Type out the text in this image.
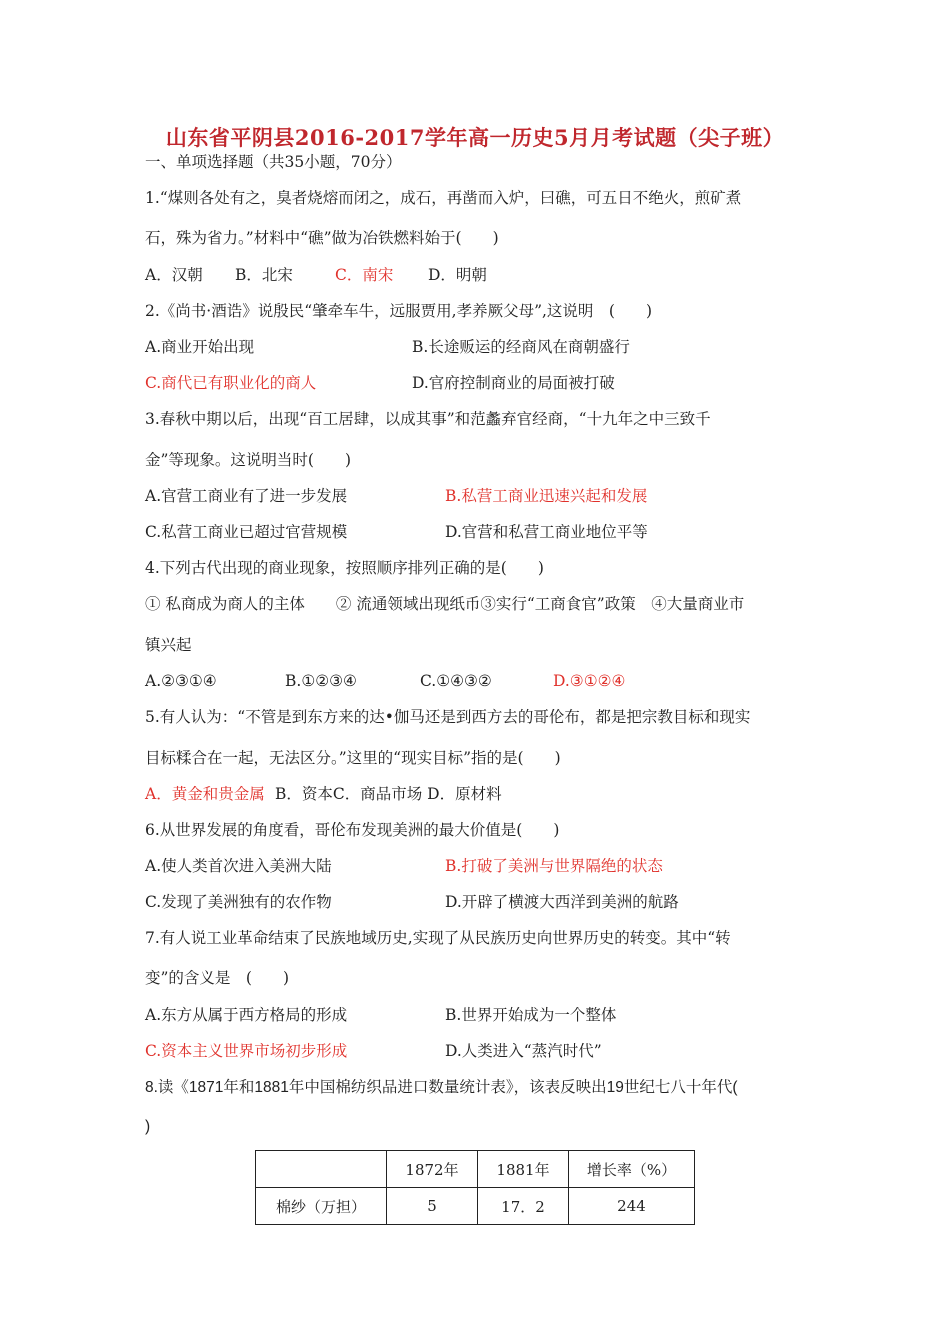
山东省平阴县2016-2017学年高一历史5月月考试题（尖子班）
一、单项选择题（共35小题，70分）
1.“煤则各处有之，臭者烧熔而闭之，成石，再凿而入炉，曰礁，可五日不绝火，煎矿煮
石，殊为省力。”材料中“礁”做为冶铁燃料始于(　　)
A．汉朝 B．北宋	C．南宋 D．明朝
2.《尚书·酒诰》说殷民“肇牵车牛，远服贾用,孝养厥父母”,这说明　(　　)
A.商业开始出现	B.长途贩运的经商风在商朝盛行
C.商代已有职业化的商人	D.官府控制商业的局面被打破
3.春秋中期以后，出现“百工居肆，以成其事”和范蠡弃官经商，“十九年之中三致千
金”等现象。这说明当时(　　)
A.官营工商业有了进一步发展	B.私营工商业迅速兴起和发展
C.私营工商业已超过官营规模	D.官营和私营工商业地位平等
4.下列古代出现的商业现象，按照顺序排列正确的是(　　)
① 私商成为商人的主体　　② 流通领域出现纸币③实行“工商食官”政策　④大量商业市
镇兴起
A.②③①④	B.①②③④	C.①④③②	D.③①②④
5.有人认为：“不管是到东方来的达•伽马还是到西方去的哥伦布，都是把宗教目标和现实
目标糅合在一起，无法区分。”这里的“现实目标”指的是(　　)
A．黄金和贵金属 B．资本C．商品市场 D．原材料
6.从世界发展的角度看，哥伦布发现美洲的最大价值是(　　)
A.使人类首次进入美洲大陆	B.打破了美洲与世界隔绝的状态
C.发现了美洲独有的农作物	D.开辟了横渡大西洋到美洲的航路
7.有人说工业革命结束了民族地域历史,实现了从民族历史向世界历史的转变。其中“转
变”的含义是　(　　)
A.东方从属于西方格局的形成	B.世界开始成为一个整体
C.资本主义世界市场初步形成	D.人类进入“蒸汽时代”
8.读《1871年和1881年中国棉纺织品进口数量统计表》，该表反映出19世纪七八十年代(
)
	1872年	1881年	增长率（%）
棉纱（万担）	5	17．2	244
